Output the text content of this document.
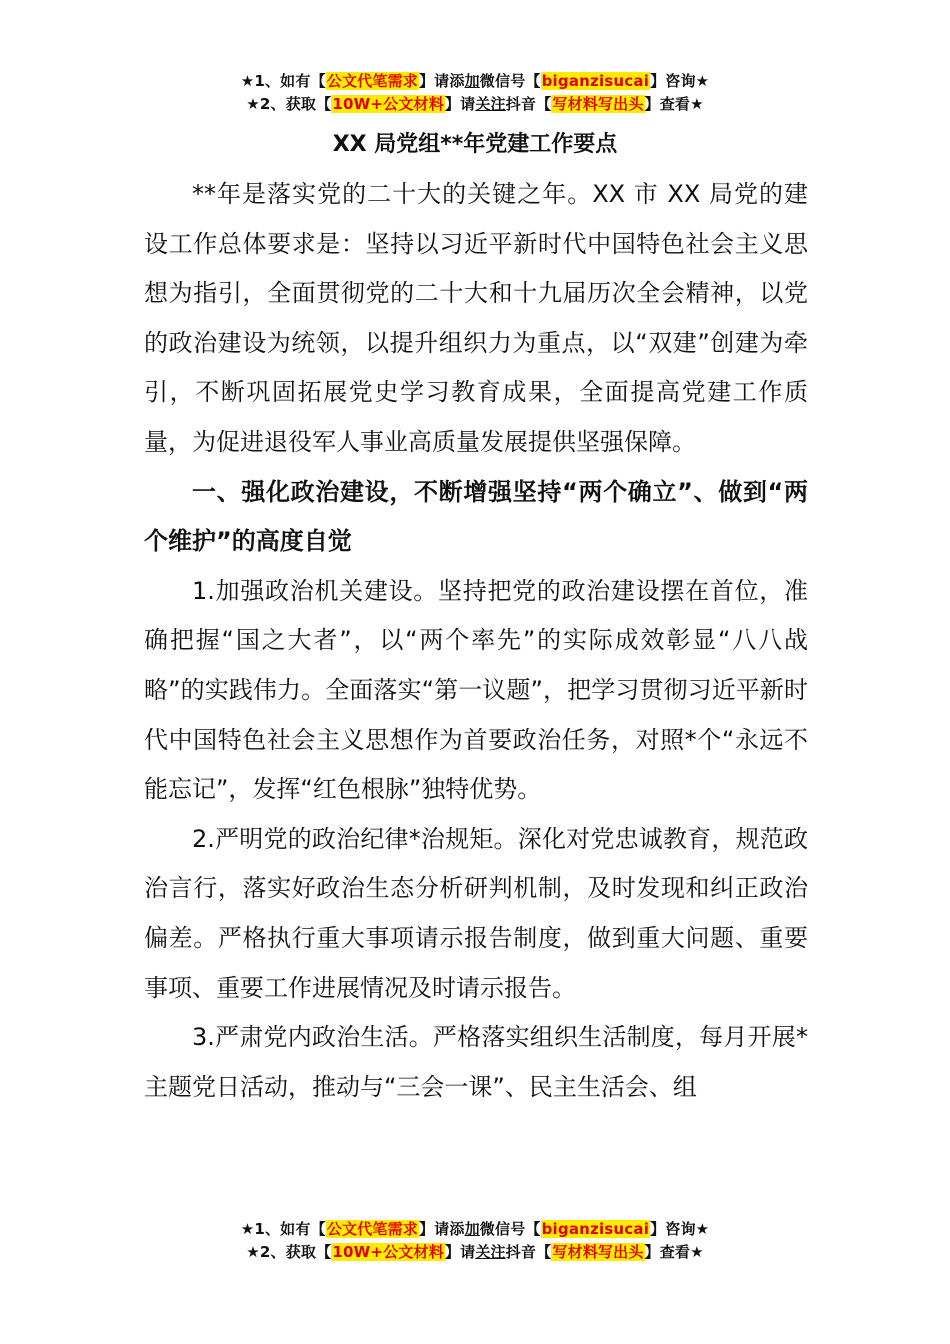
★1、如有【公文代笔需求】请添加微信号【biganzisucai】咨询★
★2、获取【10W+公文材料】请关注抖音【写材料写出头】查看★
XX 局党组**年党建工作要点

**年是落实党的二十大的关键之年。XX 市 XX 局党的建设工作总体要求是：坚持以习近平新时代中国特色社会主义思想为指引，全面贯彻党的二十大和十九届历次全会精神，以党的政治建设为统领，以提升组织力为重点，以“双建”创建为牵引，不断巩固拓展党史学习教育成果，全面提高党建工作质量，为促进退役军人事业高质量发展提供坚强保障。

一、强化政治建设，不断增强坚持“两个确立”、做到“两个维护”的高度自觉

1.加强政治机关建设。坚持把党的政治建设摆在首位，准确把握“国之大者”，以“两个率先”的实际成效彰显“八八战略”的实践伟力。全面落实“第一议题”，把学习贯彻习近平新时代中国特色社会主义思想作为首要政治任务，对照*个“永远不能忘记”，发挥“红色根脉”独特优势。

2.严明党的政治纪律*治规矩。深化对党忠诚教育，规范政治言行，落实好政治生态分析研判机制，及时发现和纠正政治偏差。严格执行重大事项请示报告制度，做到重大问题、重要事项、重要工作进展情况及时请示报告。

3.严肃党内政治生活。严格落实组织生活制度，每月开展*主题党日活动，推动与“三会一课”、民主生活会、组

★1、如有【公文代笔需求】请添加微信号【biganzisucai】咨询★
★2、获取【10W+公文材料】请关注抖音【写材料写出头】查看★
